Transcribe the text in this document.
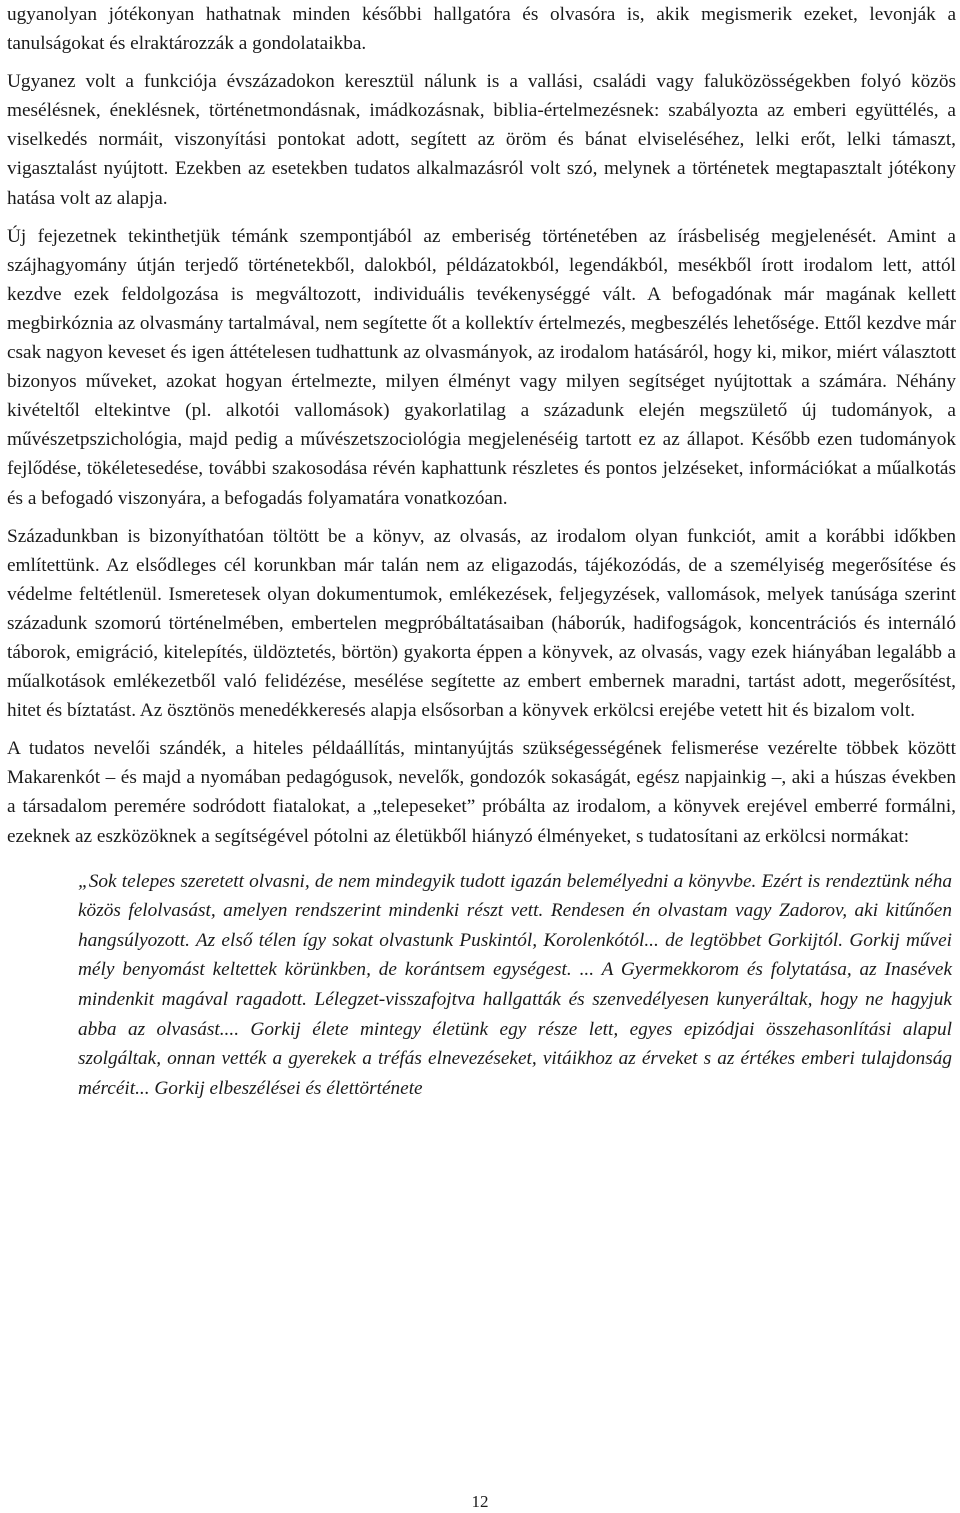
ugyanolyan jótékonyan hathatnak minden későbbi hallgatóra és olvasóra is, akik megismerik ezeket, levonják a tanulságokat és elraktározzák a gondolataikba.

Ugyanez volt a funkciója évszázadokon keresztül nálunk is a vallási, családi vagy faluközösségekben folyó közös mesélésnek, éneklésnek, történetmondásnak, imádkozásnak, biblia-értelmezésnek: szabályozta az emberi együttélés, a viselkedés normáit, viszonyítási pontokat adott, segített az öröm és bánat elviseléséhez, lelki erőt, lelki támaszt, vigasztalást nyújtott. Ezekben az esetekben tudatos alkalmazásról volt szó, melynek a történetek megtapasztalt jótékony hatása volt az alapja.

Új fejezetnek tekinthetjük témánk szempontjából az emberiség történetében az írásbeliség megjelenését. Amint a szájhagyomány útján terjedő történetekből, dalokból, példázatokból, legendákból, mesékből írott irodalom lett, attól kezdve ezek feldolgozása is megváltozott, individuális tevékenységgé vált. A befogadónak már magának kellett megbirkóznia az olvasmány tartalmával, nem segítette őt a kollektív értelmezés, megbeszélés lehetősége. Ettől kezdve már csak nagyon keveset és igen áttételesen tudhattunk az olvasmányok, az irodalom hatásáról, hogy ki, mikor, miért választott bizonyos műveket, azokat hogyan értelmezte, milyen élményt vagy milyen segítséget nyújtottak a számára. Néhány kivételtől eltekintve (pl. alkotói vallomások) gyakorlatilag a századunk elején megszülető új tudományok, a művészetpszichológia, majd pedig a művészetszociológia megjelenéséig tartott ez az állapot. Később ezen tudományok fejlődése, tökéletesedése, további szakosodása révén kaphattunk részletes és pontos jelzéseket, információkat a műalkotás és a befogadó viszonyára, a befogadás folyamatára vonatkozóan.

Századunkban is bizonyíthatóan töltött be a könyv, az olvasás, az irodalom olyan funkciót, amit a korábbi időkben említettünk. Az elsődleges cél korunkban már talán nem az eligazodás, tájékozódás, de a személyiség megerősítése és védelme feltétlenül. Ismeretesek olyan dokumentumok, emlékezések, feljegyzések, vallomások, melyek tanúsága szerint századunk szomorú történelmében, embertelen megpróbáltatásaiban (háborúk, hadifogságok, koncentrációs és internáló táborok, emigráció, kitelepítés, üldöztetés, börtön) gyakorta éppen a könyvek, az olvasás, vagy ezek hiányában legalább a műalkotások emlékezetből való felidézése, mesélése segítette az embert embernek maradni, tartást adott, megerősítést, hitet és bíztatást. Az ösztönös menedékkeresés alapja elsősorban a könyvek erkölcsi erejébe vetett hit és bizalom volt.

A tudatos nevelői szándék, a hiteles példaállítás, mintanyújtás szükségességének felismerése vezérelte többek között Makarenkót – és majd a nyomában pedagógusok, nevelők, gondozók sokaságát, egész napjainkig –, aki a húszas években a társadalom peremére sodródott fiatalokat, a „telepeseket” próbálta az irodalom, a könyvek erejével emberré formálni, ezeknek az eszközöknek a segítségével pótolni az életükből hiányzó élményeket, s tudatosítani az erkölcsi normákat:

„Sok telepes szeretett olvasni, de nem mindegyik tudott igazán belemélyedni a könyvbe. Ezért is rendeztünk néha közös felolvasást, amelyen rendszerint mindenki részt vett. Rendesen én olvastam vagy Zadorov, aki kitűnően hangsúlyozott. Az első télen így sokat olvastunk Puskintól, Korolenkótól... de legtöbbet Gorkijtól. Gorkij művei mély benyomást keltettek körünkben, de korántsem egységest. ... A Gyermekkorom és folytatása, az Inasévek mindenkit magával ragadott. Lélegzet-visszafojtva hallgatták és szenvedélyesen kunyeráltak, hogy ne hagyjuk abba az olvasást.... Gorkij élete mintegy életünk egy része lett, egyes epizódjai összehasonlítási alapul szolgáltak, onnan vették a gyerekek a tréfás elnevezéseket, vitáikhoz az érveket s az értékes emberi tulajdonság mércéit... Gorkij elbeszélései és élettörténete

12
